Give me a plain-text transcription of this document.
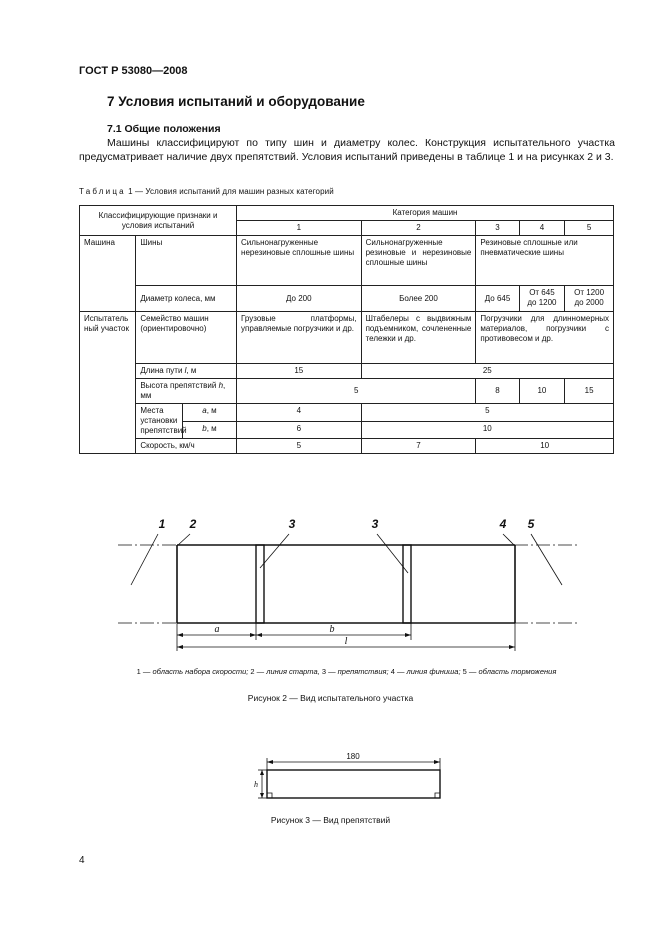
ГОСТ Р 53080—2008
7 Условия испытаний и оборудование
7.1 Общие положения
Машины классифицируют по типу шин и диаметру колес. Конструкция испытательного участка предусматривает наличие двух препятствий. Условия испытаний приведены в таблице 1 и на рисунках 2 и 3.
Таблица 1 — Условия испытаний для машин разных категорий
Классифицирующие признаки и условия испытаний			Категория машин				
			1	2	3	4	5
Машина	Шины		Сильнонагруженные нерезиновые сплошные шины	Сильнонагруженные резиновые и нерезиновые сплошные шины	Резиновые сплошные или пневматические шины		
	Диаметр колеса, мм		До 200	Более 200	До 645	От 645 до 1200	От 1200 до 2000
Испытательный участок	Семейство машин (ориентировочно)		Грузовые платформы, управляемые погрузчики и др.	Штабелеры с выдвижным подъемником, сочлененные тележки и др.	Погрузчики для длинномерных материалов, погрузчики с противовесом и др.		
	Длина пути l, м		15	25			
	Высота препятствий h, мм		5		8	10	15
	Места установки препятствий	a, м	4	5			
		b, м	6	10			
	Скорость, км/ч		5	7	10		
1 2	3	3	4 5
a	b
l
180
h
1 — область набора скорости; 2 — линия старта, 3 — препятствия; 4 — линия финиша; 5 — область торможения
Рисунок 2 — Вид испытательного участка
Рисунок 3 — Вид препятствий
4
